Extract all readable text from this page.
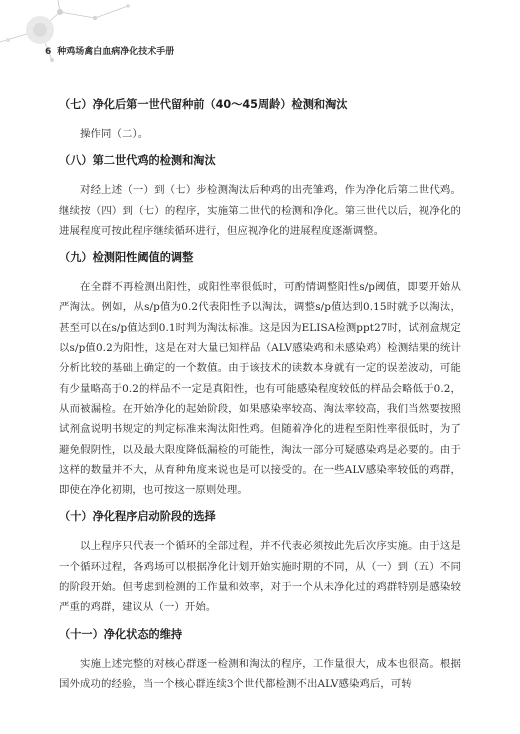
6 种鸡场禽白血病净化技术手册
（七）净化后第一世代留种前（40～45周龄）检测和淘汰

操作同（二）。

（八）第二世代鸡的检测和淘汰

对经上述（一）到（七）步检测淘汰后种鸡的出壳雏鸡，作为净化后第二世代鸡。继续按（四）到（七）的程序，实施第二世代的检测和净化。第三世代以后，视净化的进展程度可按此程序继续循环进行，但应视净化的进展程度逐渐调整。

（九）检测阳性阈值的调整

在全群不再检测出阳性，或阳性率很低时，可酌情调整阳性s/p阈值，即要开始从严淘汰。例如，从s/p值为0.2代表阳性予以淘汰，调整s/p值达到0.15时就予以淘汰，甚至可以在s/p值达到0.1时判为淘汰标准。这是因为ELISA检测ppt27时，试剂盒规定以s/p值0.2为阳性，这是在对大量已知样品（ALV感染鸡和未感染鸡）检测结果的统计分析比较的基础上确定的一个数值。由于该技术的读数本身就有一定的误差波动，可能有少量略高于0.2的样品不一定是真阳性，也有可能感染程度较低的样品会略低于0.2，从而被漏检。在开始净化的起始阶段，如果感染率较高、淘汰率较高，我们当然要按照试剂盒说明书规定的判定标准来淘汰阳性鸡。但随着净化的进程至阳性率很低时，为了避免假阴性，以及最大限度降低漏检的可能性，淘汰一部分可疑感染鸡是必要的。由于这样的数量并不大，从育种角度来说也是可以接受的。在一些ALV感染率较低的鸡群，即使在净化初期，也可按这一原则处理。

（十）净化程序启动阶段的选择

以上程序只代表一个循环的全部过程，并不代表必须按此先后次序实施。由于这是一个循环过程，各鸡场可以根据净化计划开始实施时期的不同，从（一）到（五）不同的阶段开始。但考虑到检测的工作量和效率，对于一个从未净化过的鸡群特别是感染较严重的鸡群，建议从（一）开始。

（十一）净化状态的维持

实施上述完整的对核心群逐一检测和淘汰的程序，工作量很大，成本也很高。根据国外成功的经验，当一个核心群连续3个世代都检测不出ALV感染鸡后，可转
